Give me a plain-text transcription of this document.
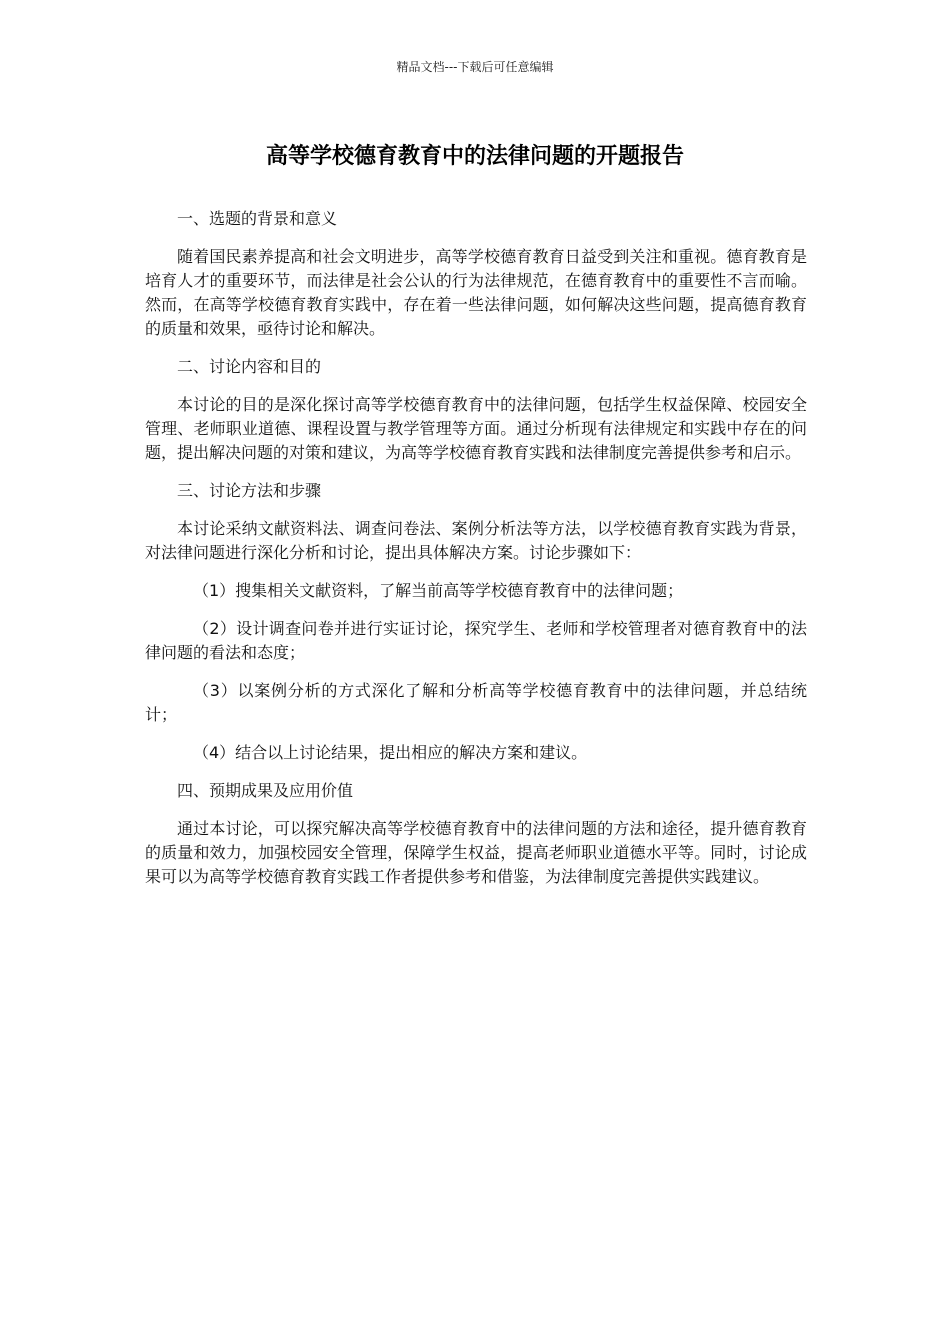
精品文档---下载后可任意编辑
高等学校德育教育中的法律问题的开题报告

一、选题的背景和意义

随着国民素养提高和社会文明进步，高等学校德育教育日益受到关注和重视。德育教育是培育人才的重要环节，而法律是社会公认的行为法律规范，在德育教育中的重要性不言而喻。然而，在高等学校德育教育实践中，存在着一些法律问题，如何解决这些问题，提高德育教育的质量和效果，亟待讨论和解决。

二、讨论内容和目的

本讨论的目的是深化探讨高等学校德育教育中的法律问题，包括学生权益保障、校园安全管理、老师职业道德、课程设置与教学管理等方面。通过分析现有法律规定和实践中存在的问题，提出解决问题的对策和建议，为高等学校德育教育实践和法律制度完善提供参考和启示。

三、讨论方法和步骤

本讨论采纳文献资料法、调查问卷法、案例分析法等方法，以学校德育教育实践为背景，对法律问题进行深化分析和讨论，提出具体解决方案。讨论步骤如下：

（1）搜集相关文献资料，了解当前高等学校德育教育中的法律问题；

（2）设计调查问卷并进行实证讨论，探究学生、老师和学校管理者对德育教育中的法律问题的看法和态度；

（3）以案例分析的方式深化了解和分析高等学校德育教育中的法律问题，并总结统计；

（4）结合以上讨论结果，提出相应的解决方案和建议。

四、预期成果及应用价值

通过本讨论，可以探究解决高等学校德育教育中的法律问题的方法和途径，提升德育教育的质量和效力，加强校园安全管理，保障学生权益，提高老师职业道德水平等。同时，讨论成果可以为高等学校德育教育实践工作者提供参考和借鉴，为法律制度完善提供实践建议。
